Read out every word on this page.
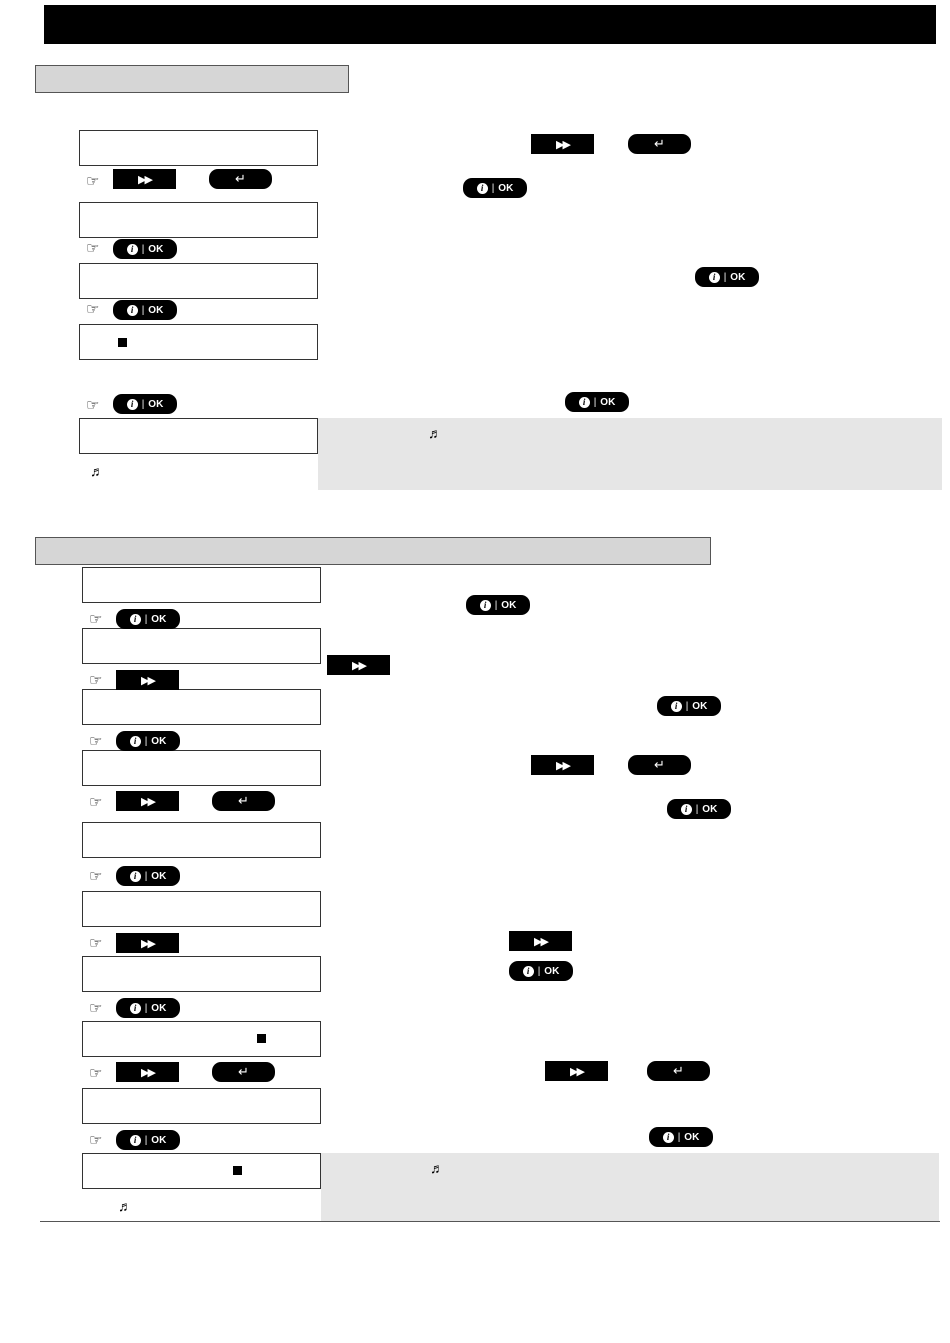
☞	▶▶	↵
☞	i | OK
☞	i | OK
☞	i | OK
♬
▶▶	↵
i | OK
i | OK
i | OK
♬
☞	i | OK
☞	▶▶
☞	i | OK
☞	▶▶	↵
☞	i | OK
☞	▶▶
☞	i | OK
☞	▶▶	↵
☞	i | OK
♬
i | OK
▶▶
i | OK
▶▶	↵
i | OK
▶▶
i | OK
▶▶	↵
i | OK
♬
